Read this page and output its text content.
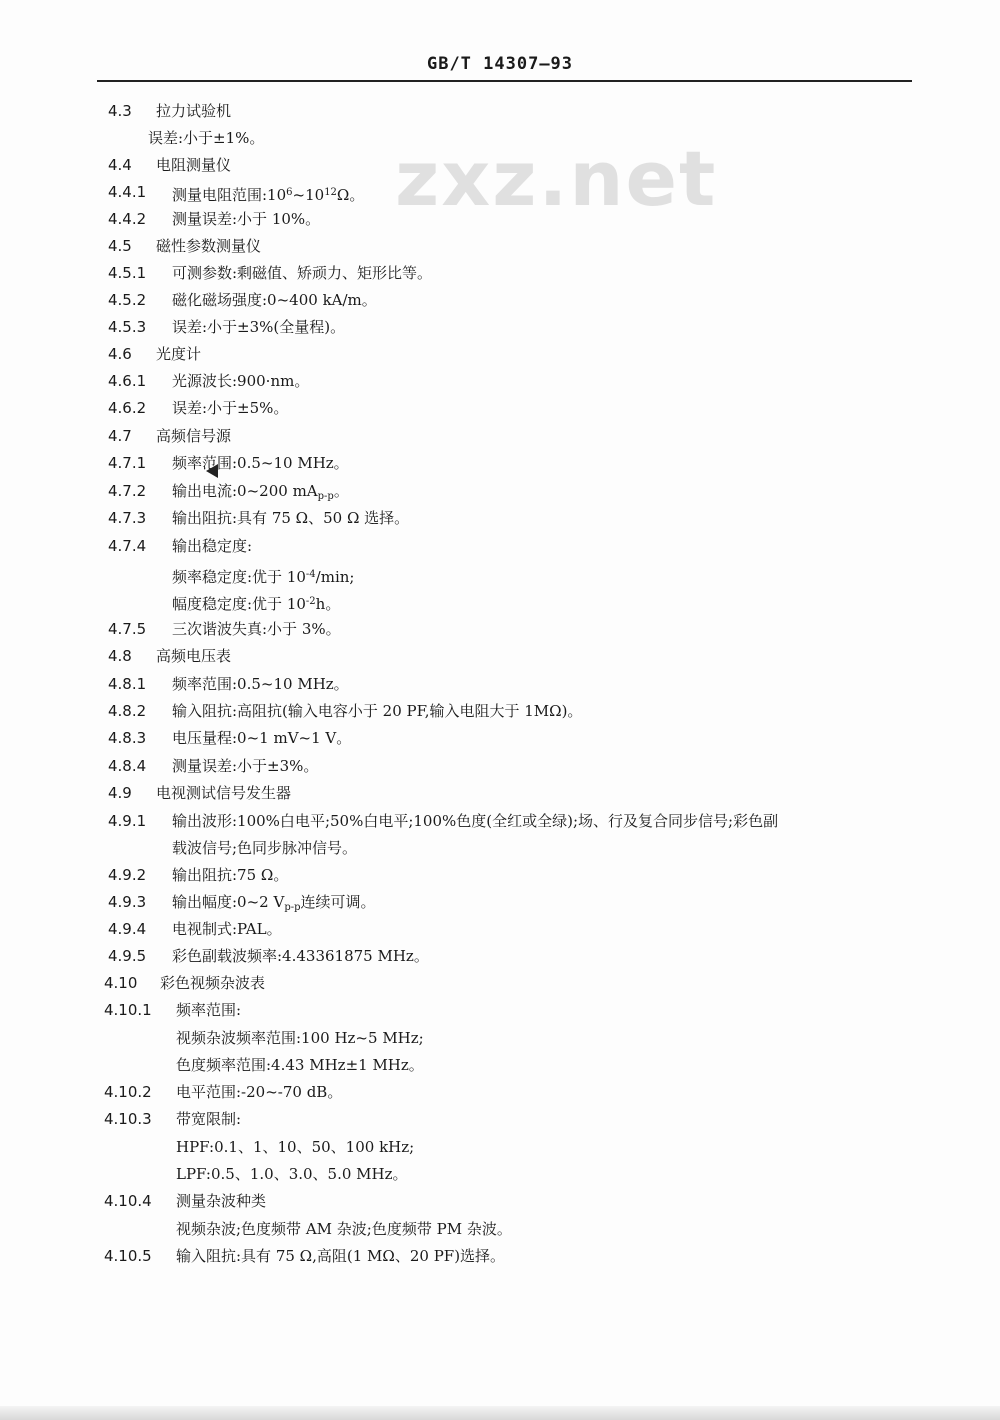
GB/T 14307—93
zxz.net
4.3 拉力试验机
误差:小于±1%。
4.4 电阻测量仪
4.4.1 测量电阻范围$:10^6\sim 10^{12}\Omega$。
4.4.2 测量误差:小于 10%。
4.5 磁性参数测量仪
4.5.1 可测参数:剩磁值、矫顽力、矩形比等。
4.5.2 磁化磁场强度:0~400 kA/m。
4.5.3 误差:小于±3%(全量程)。
4.6 光度计
4.6.1 光源波长:900·nm。
4.6.2 误差:小于±5%。
4.7 高频信号源
4.7.1 频率范围:0.5~10 MHz。
4.7.2 输出电流:0~200 $mA_{p-p}$。
4.7.3 输出阻抗:具有 75 Ω、50 Ω 选择。
4.7.4 输出稳定度:
频率稳定度:优于 $10^{-4}/\min$;
幅度稳定度:优于 $10^{-2}h$。
4.7.5 三次谐波失真:小于 3%。
4.8 高频电压表
4.8.1 频率范围:0.5~10 MHz。
4.8.2 输入阻抗:高阻抗(输入电容小于 20 PF,输入电阻大于 1MΩ)。
4.8.3 电压量程:0~1 mV~1 V。
4.8.4 测量误差:小于±3%。
4.9 电视测试信号发生器
4.9.1 输出波形:100%白电平;50%白电平;100%色度(全红或全绿);场、行及复合同步信号;彩色副
载波信号;色同步脉冲信号。
4.9.2 输出阻抗:75 Ω。
4.9.3 输出幅度:0~2 $V_{p-p}$连续可调。
4.9.4 电视制式:PAL。
4.9.5 彩色副载波频率:4.43361875 MHz。
4.10 彩色视频杂波表
4.10.1 频率范围:
视频杂波频率范围:100 Hz~5 MHz;
色度频率范围:4.43 MHz±1 MHz。
4.10.2 电平范围:-20~-70 dB。
4.10.3 带宽限制:
HPF:0.1、1、10、50、100 kHz;
LPF:0.5、1.0、3.0、5.0 MHz。
4.10.4 测量杂波种类
视频杂波;色度频带 AM 杂波;色度频带 PM 杂波。
4.10.5 输入阻抗:具有 75 Ω,高阻(1 MΩ、20 PF)选择。
